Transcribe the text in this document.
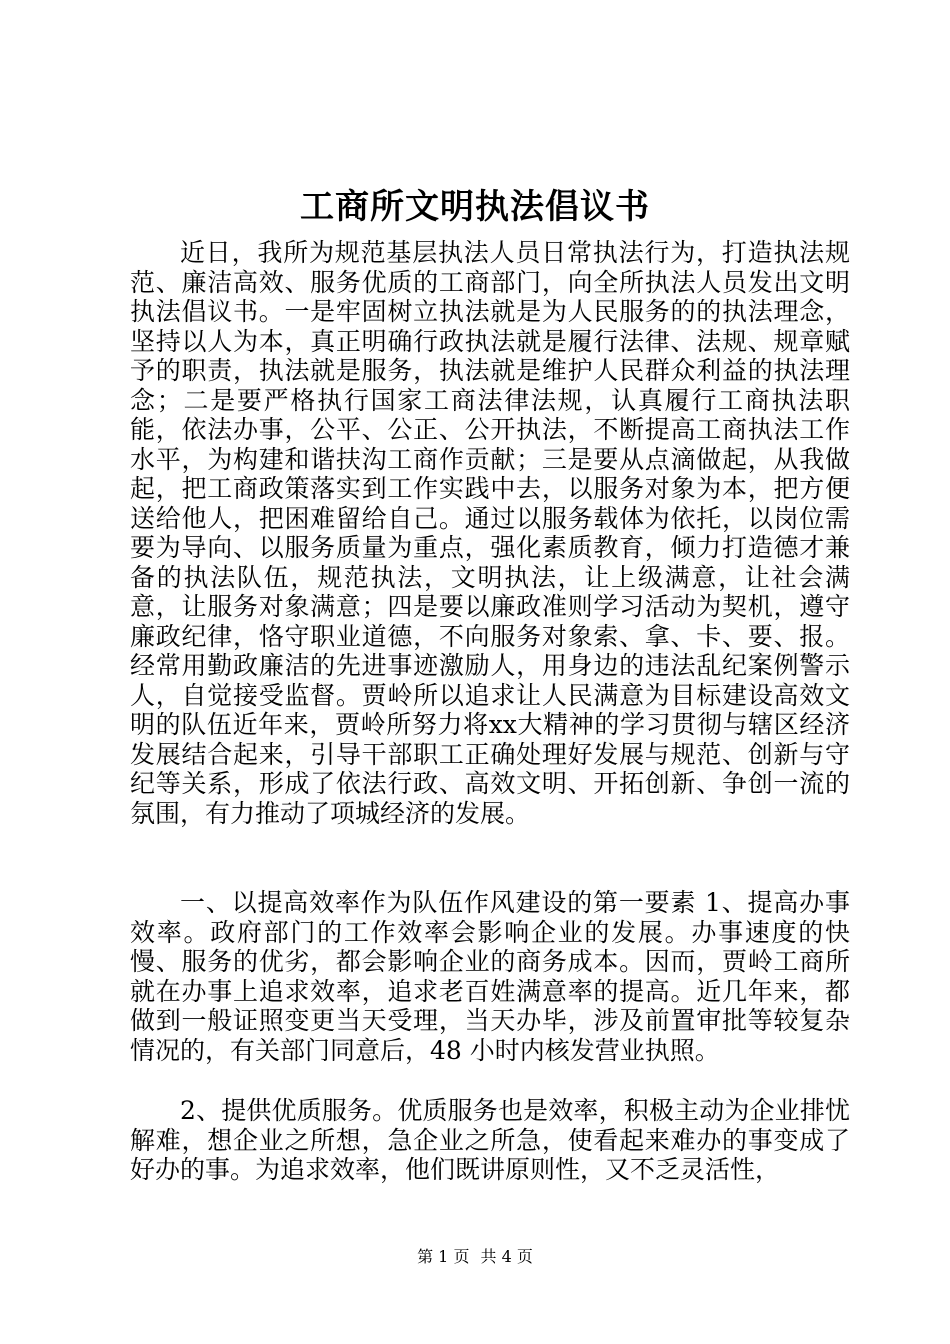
工商所文明执法倡议书

近日，我所为规范基层执法人员日常执法行为，打造执法规范、廉洁高效、服务优质的工商部门，向全所执法人员发出文明执法倡议书。一是牢固树立执法就是为人民服务的的执法理念，坚持以人为本，真正明确行政执法就是履行法律、法规、规章赋予的职责，执法就是服务，执法就是维护人民群众利益的执法理念；二是要严格执行国家工商法律法规，认真履行工商执法职能，依法办事，公平、公正、公开执法，不断提高工商执法工作水平，为构建和谐扶沟工商作贡献；三是要从点滴做起，从我做起，把工商政策落实到工作实践中去，以服务对象为本，把方便送给他人，把困难留给自己。通过以服务载体为依托，以岗位需要为导向、以服务质量为重点，强化素质教育，倾力打造德才兼备的执法队伍，规范执法，文明执法，让上级满意，让社会满意，让服务对象满意；四是要以廉政准则学习活动为契机，遵守廉政纪律，恪守职业道德，不向服务对象索、拿、卡、要、报。经常用勤政廉洁的先进事迹激励人，用身边的违法乱纪案例警示人，自觉接受监督。贾岭所以追求让人民满意为目标建设高效文明的队伍近年来，贾岭所努力将xx大精神的学习贯彻与辖区经济发展结合起来，引导干部职工正确处理好发展与规范、创新与守纪等关系，形成了依法行政、高效文明、开拓创新、争创一流的氛围，有力推动了项城经济的发展。

一、以提高效率作为队伍作风建设的第一要素 1、提高办事效率。政府部门的工作效率会影响企业的发展。办事速度的快慢、服务的优劣，都会影响企业的商务成本。因而，贾岭工商所就在办事上追求效率，追求老百姓满意率的提高。近几年来，都做到一般证照变更当天受理，当天办毕，涉及前置审批等较复杂情况的，有关部门同意后，48 小时内核发营业执照。

2、提供优质服务。优质服务也是效率，积极主动为企业排忧解难，想企业之所想，急企业之所急，使看起来难办的事变成了好办的事。为追求效率，他们既讲原则性，又不乏灵活性，

第 1 页 共 4 页
